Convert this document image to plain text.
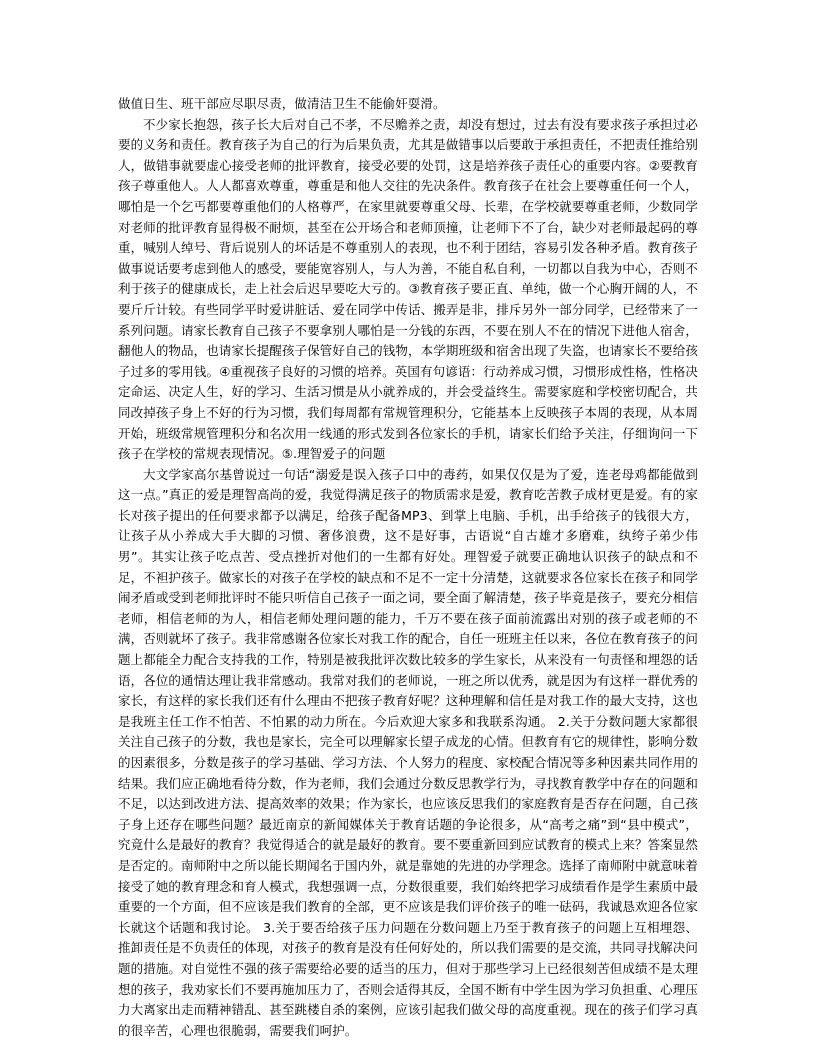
做值日生、班干部应尽职尽责，做清洁卫生不能偷奸耍滑。

不少家长抱怨，孩子长大后对自己不孝，不尽赡养之责，却没有想过，过去有没有要求孩子承担过必要的义务和责任。教育孩子为自己的行为后果负责，尤其是做错事以后要敢于承担责任，不把责任推给别人，做错事就要虚心接受老师的批评教育，接受必要的处罚，这是培养孩子责任心的重要内容。②要教育孩子尊重他人。人人都喜欢尊重，尊重是和他人交往的先决条件。教育孩子在社会上要尊重任何一个人，哪怕是一个乞丐都要尊重他们的人格尊严，在家里就要尊重父母、长辈，在学校就要尊重老师，少数同学对老师的批评教育显得极不耐烦，甚至在公开场合和老师顶撞，让老师下不了台，缺少对老师最起码的尊重，喊别人绰号、背后说别人的坏话是不尊重别人的表现，也不利于团结，容易引发各种矛盾。教育孩子做事说话要考虑到他人的感受，要能宽容别人，与人为善，不能自私自利，一切都以自我为中心，否则不利于孩子的健康成长，走上社会后迟早要吃大亏的。③教育孩子要正直、单纯，做一个心胸开阔的人，不要斤斤计较。有些同学平时爱讲脏话、爱在同学中传话、搬弄是非，排斥另外一部分同学，已经带来了一系列问题。请家长教育自己孩子不要拿别人哪怕是一分钱的东西，不要在别人不在的情况下进他人宿舍，翻他人的物品，也请家长提醒孩子保管好自己的钱物，本学期班级和宿舍出现了失盗，也请家长不要给孩子过多的零用钱。④重视孩子良好的习惯的培养。英国有句谚语：行动养成习惯，习惯形成性格，性格决定命运、决定人生，好的学习、生活习惯是从小就养成的，并会受益终生。需要家庭和学校密切配合，共同改掉孩子身上不好的行为习惯，我们每周都有常规管理积分，它能基本上反映孩子本周的表现，从本周开始，班级常规管理积分和名次用一线通的形式发到各位家长的手机，请家长们给予关注，仔细询问一下孩子在学校的常规表现情况。⑤.理智爱子的问题

大文学家高尔基曾说过一句话“溺爱是误入孩子口中的毒药，如果仅仅是为了爱，连老母鸡都能做到这一点。”真正的爱是理智高尚的爱，我觉得满足孩子的物质需求是爱，教育吃苦教子成材更是爱。有的家长对孩子提出的任何要求都予以满足，给孩子配备MP3、到掌上电脑、手机，出手给孩子的钱很大方，让孩子从小养成大手大脚的习惯、奢侈浪费，这不是好事，古语说“自古雄才多磨难，纨绔子弟少伟男”。其实让孩子吃点苦、受点挫折对他们的一生都有好处。理智爱子就要正确地认识孩子的缺点和不足，不袒护孩子。做家长的对孩子在学校的缺点和不足不一定十分清楚，这就要求各位家长在孩子和同学闹矛盾或受到老师批评时不能只听信自己孩子一面之词，要全面了解清楚，孩子毕竟是孩子，要充分相信老师，相信老师的为人，相信老师处理问题的能力，千万不要在孩子面前流露出对别的孩子或老师的不满，否则就坏了孩子。我非常感谢各位家长对我工作的配合，自任一班班主任以来，各位在教育孩子的问题上都能全力配合支持我的工作，特别是被我批评次数比较多的学生家长，从来没有一句责怪和埋怨的话语，各位的通情达理让我非常感动。我常对我们的老师说，一班之所以优秀，就是因为有这样一群优秀的家长，有这样的家长我们还有什么理由不把孩子教育好呢？这种理解和信任是对我工作的最大支持，这也是我班主任工作不怕苦、不怕累的动力所在。今后欢迎大家多和我联系沟通。 2.关于分数问题大家都很关注自己孩子的分数，我也是家长，完全可以理解家长望子成龙的心情。但教育有它的规律性，影响分数的因素很多，分数是孩子的学习基础、学习方法、个人努力的程度、家校配合情况等多种因素共同作用的结果。我们应正确地看待分数，作为老师，我们会通过分数反思教学行为，寻找教育教学中存在的问题和不足，以达到改进方法、提高效率的效果；作为家长，也应该反思我们的家庭教育是否存在问题，自己孩子身上还存在哪些问题？最近南京的新闻媒体关于教育话题的争论很多，从“高考之痛”到“县中模式”，究竟什么是最好的教育？我觉得适合的就是最好的教育。要不要重新回到应试教育的模式上来？答案显然是否定的。南师附中之所以能长期闻名于国内外，就是靠她的先进的办学理念。选择了南师附中就意味着接受了她的教育理念和育人模式，我想强调一点，分数很重要，我们始终把学习成绩看作是学生素质中最重要的一个方面，但不应该是我们教育的全部，更不应该是我们评价孩子的唯一砝码，我诚恳欢迎各位家长就这个话题和我讨论。 3.关于要否给孩子压力问题在分数问题上乃至于教育孩子的问题上互相埋怨、推卸责任是不负责任的体现，对孩子的教育是没有任何好处的，所以我们需要的是交流，共同寻找解决问题的措施。对自觉性不强的孩子需要给必要的适当的压力，但对于那些学习上已经很刻苦但成绩不是太理想的孩子，我劝家长们不要再施加压力了，否则会适得其反，全国不断有中学生因为学习负担重、心理压力大离家出走而精神错乱、甚至跳楼自杀的案例，应该引起我们做父母的高度重视。现在的孩子们学习真的很辛苦，心理也很脆弱，需要我们呵护。
